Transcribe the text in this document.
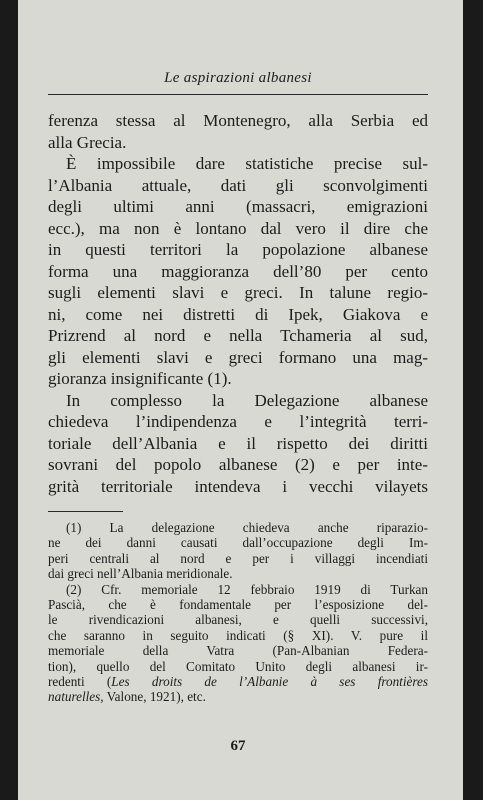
Le aspirazioni albanesi
ferenza stessa al Montenegro, alla Serbia ed
alla Grecia.
È impossibile dare statistiche precise sul-
l’Albania attuale, dati gli sconvolgimenti
degli ultimi anni (massacri, emigrazioni
ecc.), ma non è lontano dal vero il dire che
in questi territori la popolazione albanese
forma una maggioranza dell’80 per cento
sugli elementi slavi e greci. In talune regio-
ni, come nei distretti di Ipek, Giakova e
Prizrend al nord e nella Tchameria al sud,
gli elementi slavi e greci formano una mag-
gioranza insignificante (1).
In complesso la Delegazione albanese
chiedeva l’indipendenza e l’integrità terri-
toriale dell’Albania e il rispetto dei diritti
sovrani del popolo albanese (2) e per inte-
grità territoriale intendeva i vecchi vilayets
(1) La delegazione chiedeva anche riparazio-
ne dei danni causati dall’occupazione degli Im-
peri centrali al nord e per i villaggi incendiati
dai greci nell’Albania meridionale.
(2) Cfr. memoriale 12 febbraio 1919 di Turkan
Pascià, che è fondamentale per l’esposizione del-
le rivendicazioni albanesi, e quelli successivi,
che saranno in seguito indicati (§ XI). V. pure il
memoriale della Vatra (Pan-Albanian Federa-
tion), quello del Comitato Unito degli albanesi ir-
redenti (Les droits de l’Albanie à ses frontières
naturelles, Valone, 1921), etc.
67
